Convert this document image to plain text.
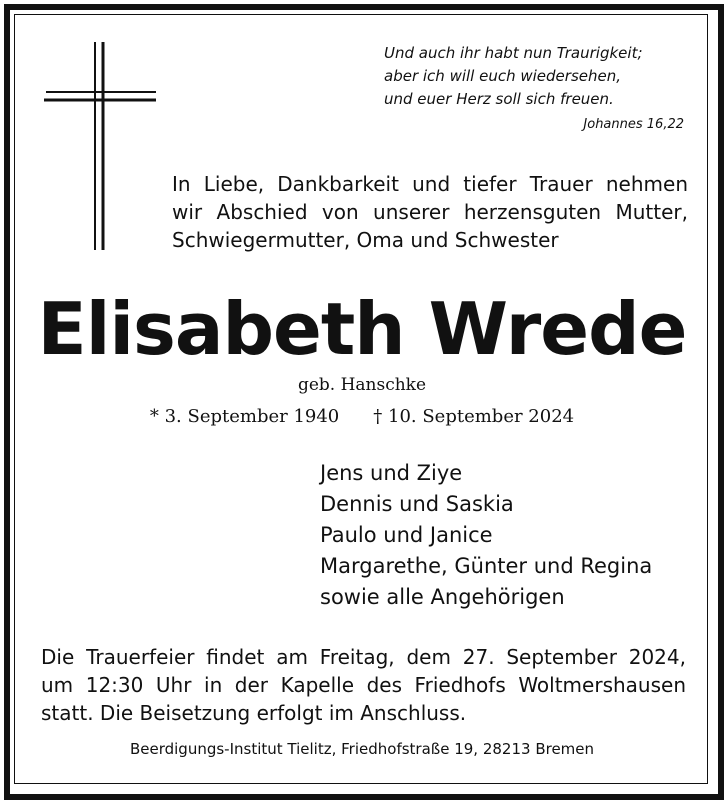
Und auch ihr habt nun Traurigkeit;
aber ich will euch wiedersehen,
und euer Herz soll sich freuen.
Johannes 16,22
In Liebe, Dankbarkeit und tiefer Trauer nehmen
wir Abschied von unserer herzensguten Mutter,
Schwiegermutter, Oma und Schwester
Elisabeth Wrede
geb. Hanschke
* 3. September 1940 † 10. September 2024
Jens und Ziye
Dennis und Saskia
Paulo und Janice
Margarethe, Günter und Regina
sowie alle Angehörigen
Die Trauerfeier findet am Freitag, dem 27. September 2024,
um 12:30 Uhr in der Kapelle des Friedhofs Woltmershausen
statt. Die Beisetzung erfolgt im Anschluss.
Beerdigungs-Institut Tielitz, Friedhofstraße 19, 28213 Bremen
